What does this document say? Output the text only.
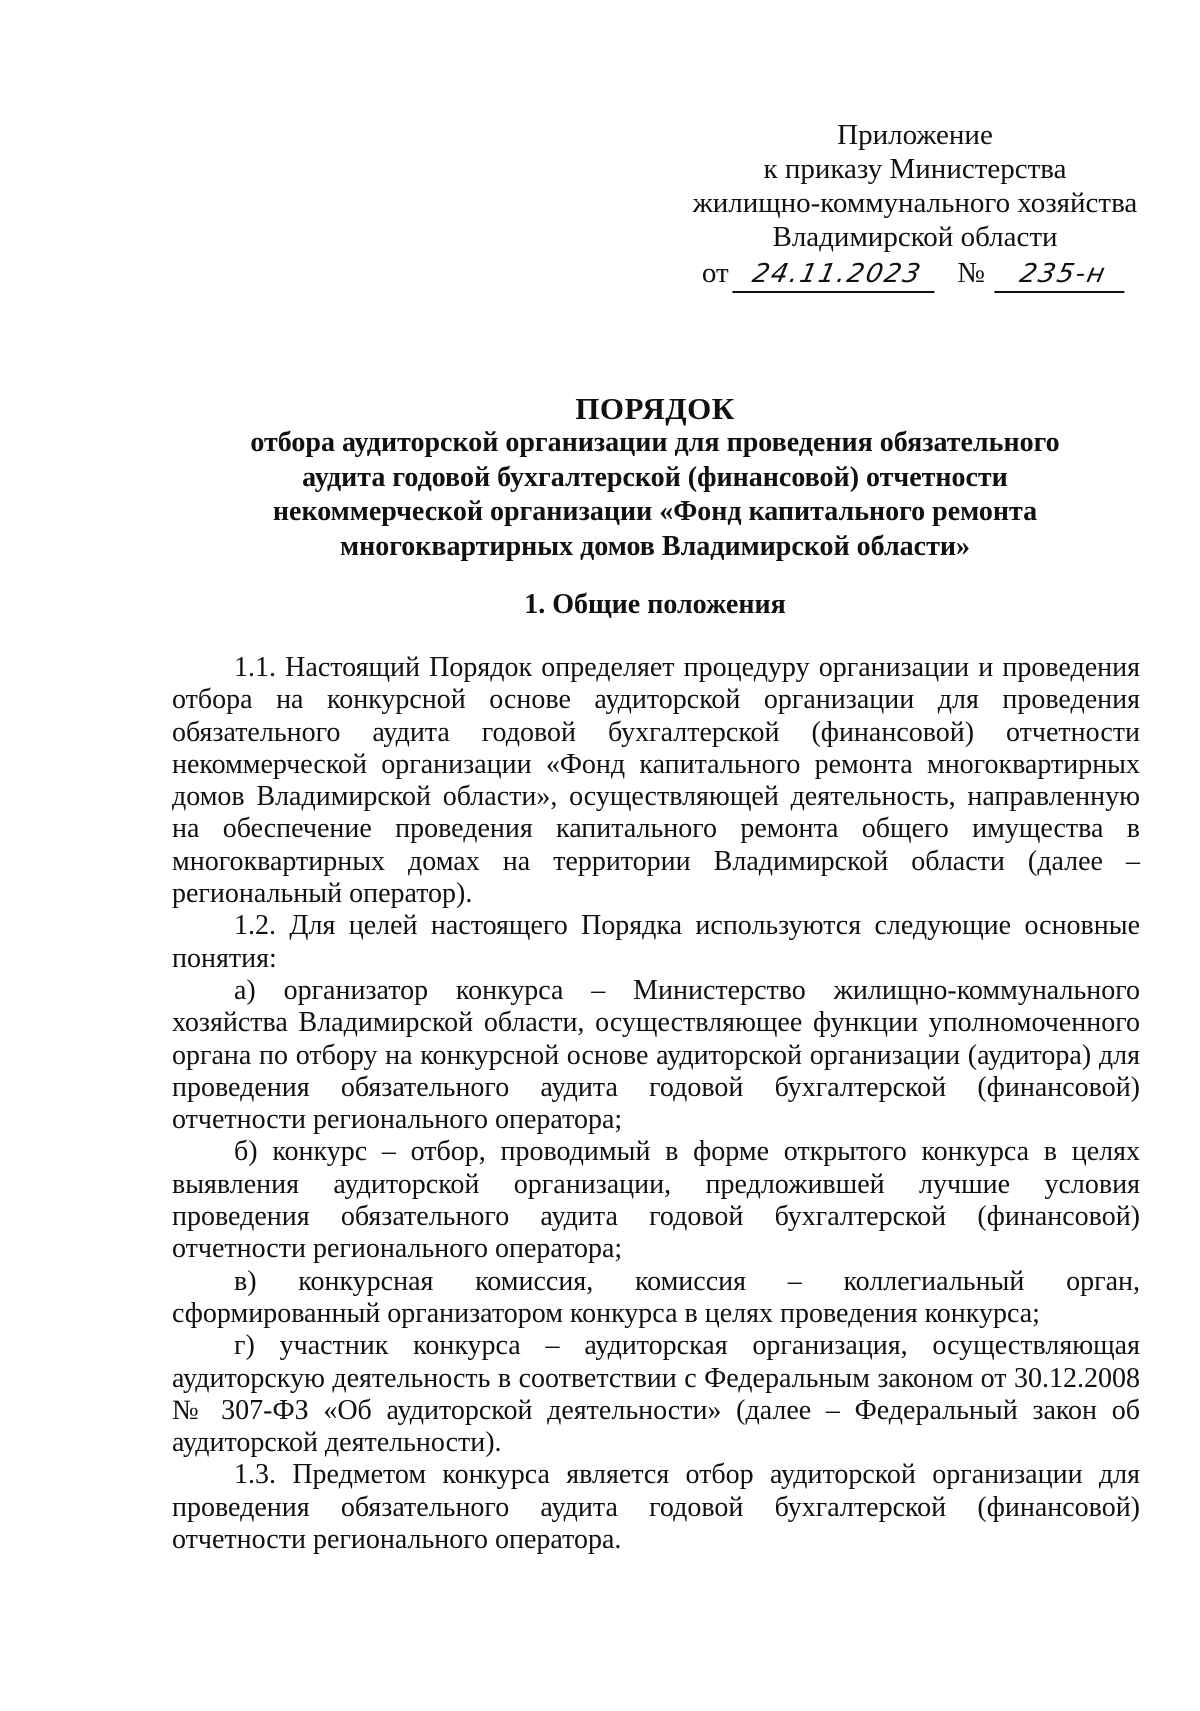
Приложение
к приказу Министерства
жилищно-коммунального хозяйства
Владимирской области
от 24.11.2023 № 235-н
ПОРЯДОК
отбора аудиторской организации для проведения обязательного
аудита годовой бухгалтерской (финансовой) отчетности
некоммерческой организации «Фонд капитального ремонта
многоквартирных домов Владимирской области»
1. Общие положения

1.1. Настоящий Порядок определяет процедуру организации и проведения отбора на конкурсной основе аудиторской организации для проведения обязательного аудита годовой бухгалтерской (финансовой) отчетности некоммерческой организации «Фонд капитального ремонта многоквартирных домов Владимирской области», осуществляющей деятельность, направленную на обеспечение проведения капитального ремонта общего имущества в многоквартирных домах на территории Владимирской области (далее – региональный оператор).

1.2. Для целей настоящего Порядка используются следующие основные понятия:

а) организатор конкурса – Министерство жилищно-коммунального хозяйства Владимирской области, осуществляющее функции уполномоченного органа по отбору на конкурсной основе аудиторской организации (аудитора) для проведения обязательного аудита годовой бухгалтерской (финансовой) отчетности регионального оператора;

б) конкурс – отбор, проводимый в форме открытого конкурса в целях выявления аудиторской организации, предложившей лучшие условия проведения обязательного аудита годовой бухгалтерской (финансовой) отчетности регионального оператора;

в) конкурсная комиссия, комиссия – коллегиальный орган, сформированный организатором конкурса в целях проведения конкурса;

г) участник конкурса – аудиторская организация, осуществляющая аудиторскую деятельность в соответствии с Федеральным законом от 30.12.2008 № 307-ФЗ «Об аудиторской деятельности» (далее – Федеральный закон об аудиторской деятельности).

1.3. Предметом конкурса является отбор аудиторской организации для проведения обязательного аудита годовой бухгалтерской (финансовой) отчетности регионального оператора.
